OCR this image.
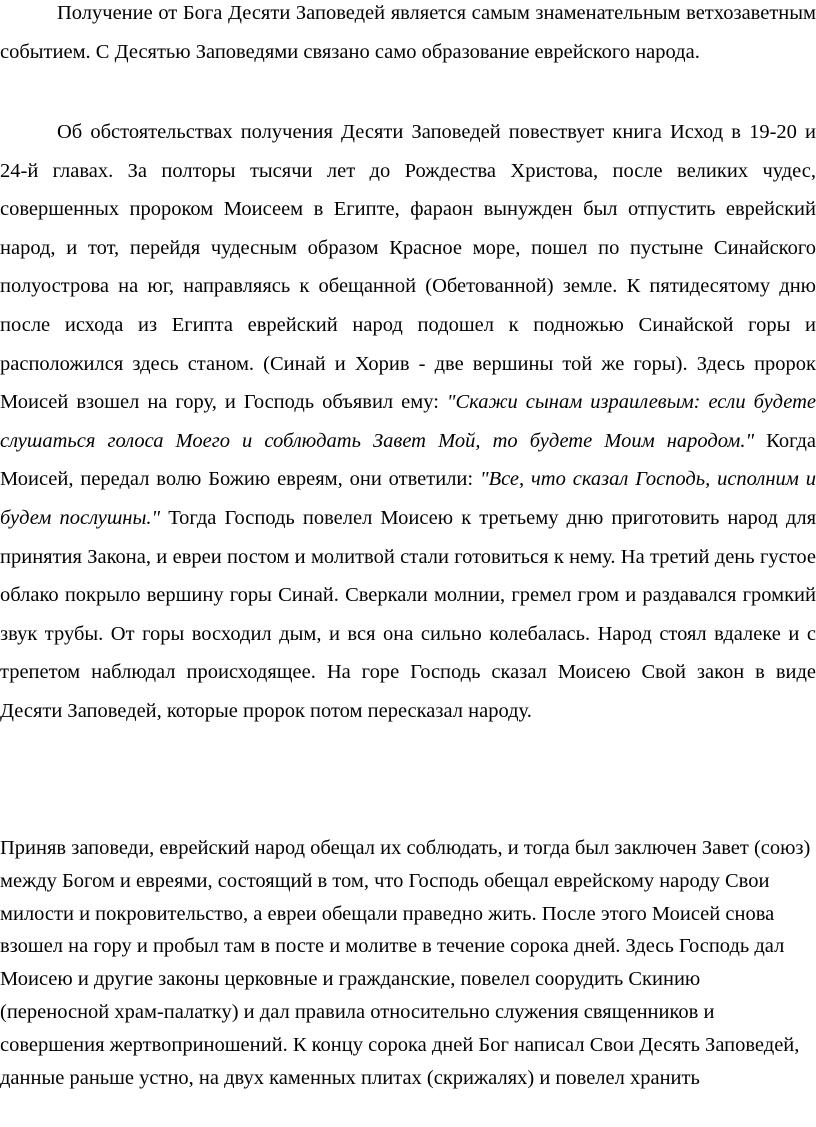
Получение от Бога Десяти Заповедей является самым знаменательным ветхозаветным событием. С Десятью Заповедями связано само образование еврейского народа.

Об обстоятельствах получения Десяти Заповедей повествует книга Исход в 19-20 и 24-й главах. За полторы тысячи лет до Рождества Христова, после великих чудес, совершенных пророком Моисеем в Египте, фараон вынужден был отпустить еврейский народ, и тот, перейдя чудесным образом Красное море, пошел по пустыне Синайского полуострова на юг, направляясь к обещанной (Обетованной) земле. К пятидесятому дню после исхода из Египта еврейский народ подошел к подножью Синайской горы и расположился здесь станом. (Синай и Хорив - две вершины той же горы). Здесь пророк Моисей взошел на гору, и Господь объявил ему: "Скажи сынам израилевым: если будете слушаться голоса Моего и соблюдать Завет Мой, то будете Моим народом." Когда Моисей, передал волю Божию евреям, они ответили: "Все, что сказал Господь, исполним и будем послушны." Тогда Господь повелел Моисею к третьему дню приготовить народ для принятия Закона, и евреи постом и молитвой стали готовиться к нему. На третий день густое облако покрыло вершину горы Синай. Сверкали молнии, гремел гром и раздавался громкий звук трубы. От горы восходил дым, и вся она сильно колебалась. Народ стоял вдалеке и с трепетом наблюдал происходящее. На горе Господь сказал Моисею Свой закон в виде Десяти Заповедей, которые пророк потом пересказал народу.

Приняв заповеди, еврейский народ обещал их соблюдать, и тогда был заключен Завет (союз) между Богом и евреями, состоящий в том, что Господь обещал еврейскому народу Свои милости и покровительство, а евреи обещали праведно жить. После этого Моисей снова взошел на гору и пробыл там в посте и молитве в течение сорока дней. Здесь Господь дал Моисею и другие законы церковные и гражданские, повелел соорудить Скинию (переносной храм-палатку) и дал правила относительно служения священников и совершения жертвоприношений. К концу сорока дней Бог написал Свои Десять Заповедей, данные раньше устно, на двух каменных плитах (скрижалях) и повелел хранить
